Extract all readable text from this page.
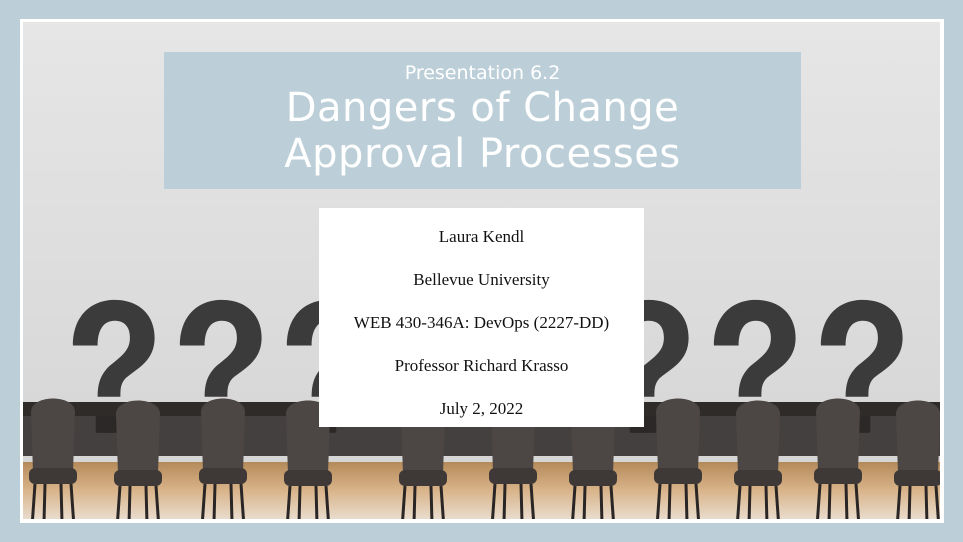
Presentation 6.2
Dangers of Change
Approval Processes
Laura Kendl
Bellevue University
WEB 430-346A: DevOps (2227-DD)
Professor Richard Krasso
July 2, 2022
